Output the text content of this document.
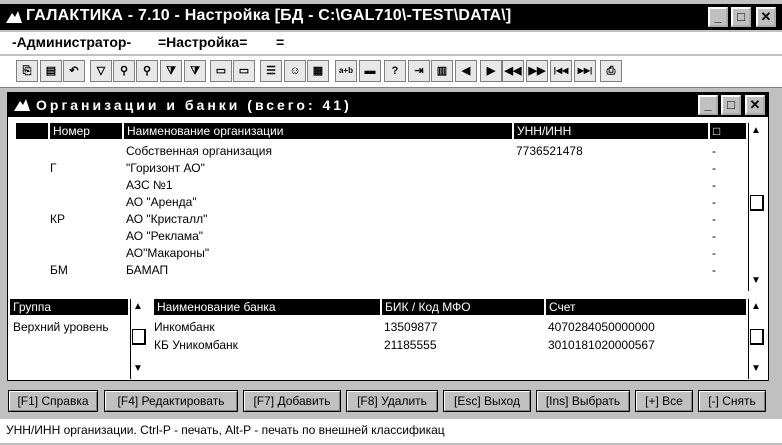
ГАЛАКТИКА - 7.10 - Настройка [БД - C:\GAL710\-TEST\DATA\]	_	□	✕
-Администратор- =Настройка= =
⎘	▤	↶	▽	⚲	⚲	⧩	⧩	▭	▭	☰	☺	▦	a+b	▬	?	⇥	▥	◀	▶ ◀◀ ▶▶	|◀◀	▶▶|	⎙
Организации и банки (всего: 41)	_	□	✕
Номер	Наименование организации	УНН/ИНН	□
Собственная организация	7736521478	-
Г	"Горизонт АО"	-
АЗС №1	-
АО "Аренда"	-
КР	АО "Кристалл"	-
АО "Реклама"	-
АО"Макароны"	-
БМ	БАМАП	-
▲
▼
Группа
Верхний уровень
▲
▼
Наименование банка	БИК / Код МФО	Счет
Инкомбанк	13509877	4070284050000000
КБ Уникомбанк	21185555	3010181020000567
▲
▼
[F1] Справка	[F4] Редактировать	[F7] Добавить	[F8] Удалить	[Esc] Выход	[Ins] Выбрать	[+] Все	[-] Снять
УНН/ИНН организации. Ctrl-P - печать, Alt-P - печать по внешней классификац
